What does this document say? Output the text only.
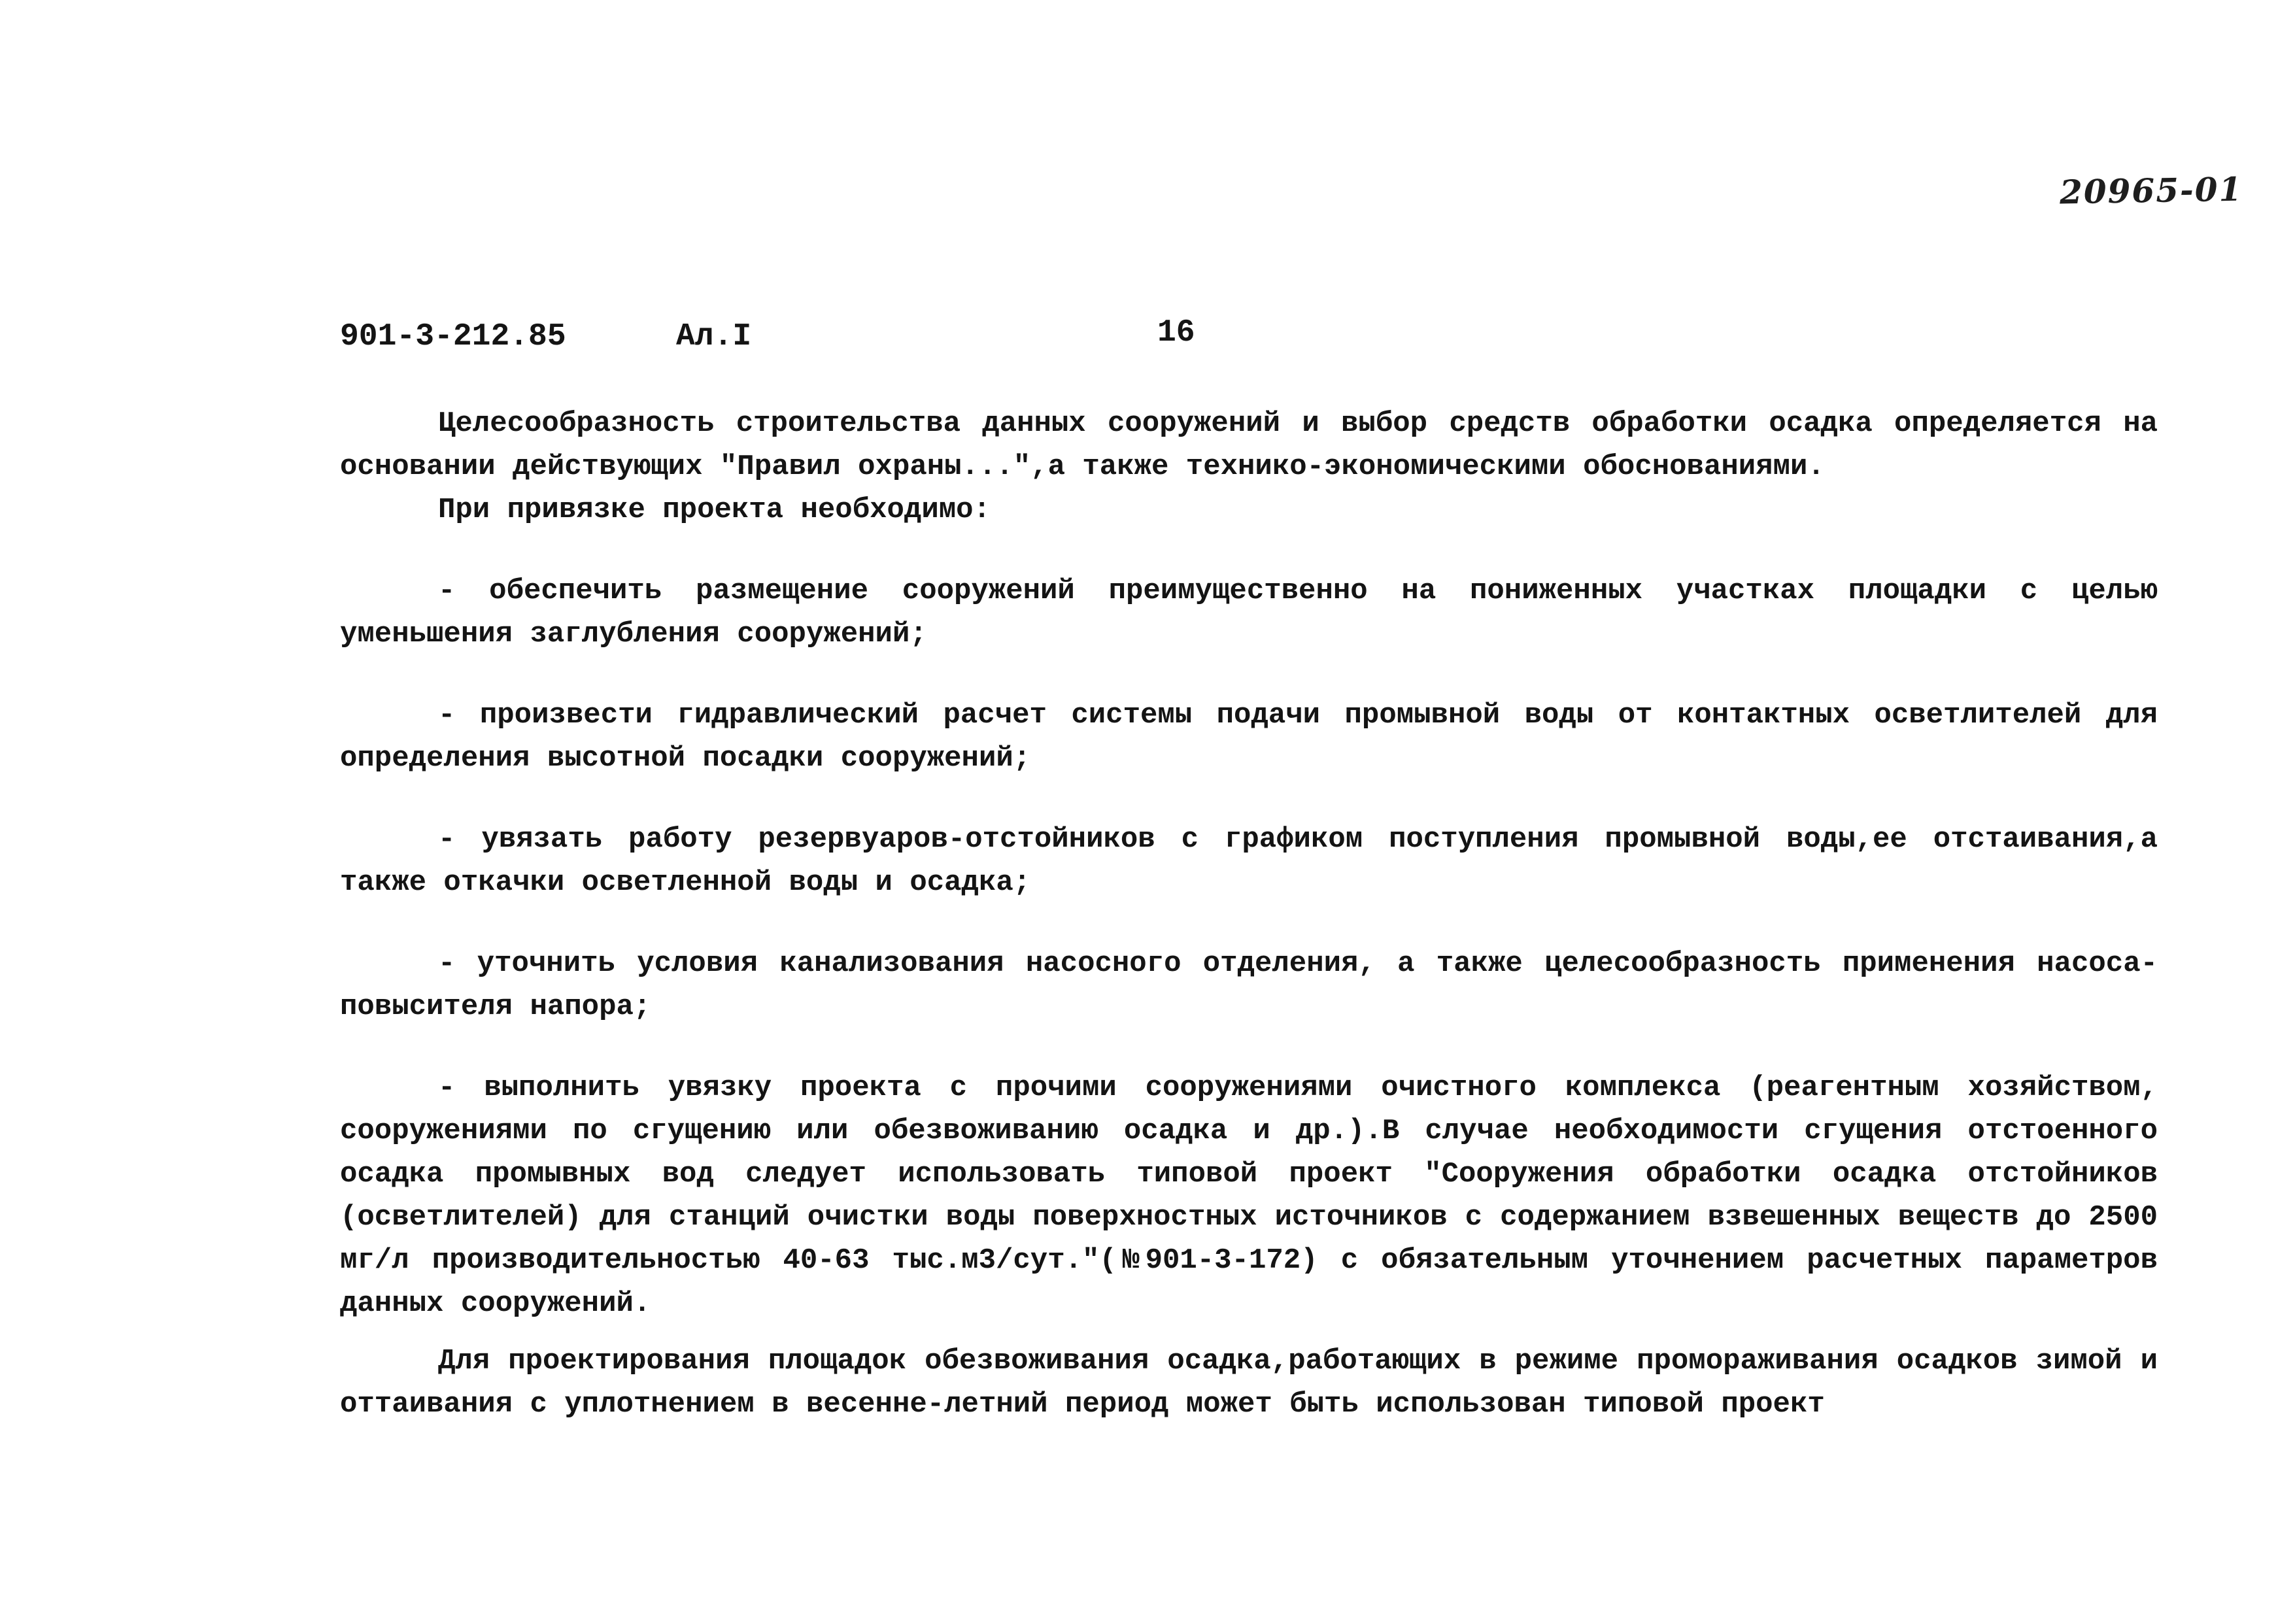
20965-01
901-3-212.85	Ал.I	16

Целесообразность строительства данных сооружений и выбор средств обработки осадка определяется на основании действующих "Правил охраны...",а также технико-экономическими обоснованиями.

При привязке проекта необходимо:

- обеспечить размещение сооружений преимущественно на пониженных участках площадки с целью уменьшения заглубления сооружений;

- произвести гидравлический расчет системы подачи промывной воды от контактных осветлителей для определения высотной посадки сооружений;

- увязать работу резервуаров-отстойников с графиком поступления промывной воды,ее отстаивания,а также откачки осветленной воды и осадка;

- уточнить условия канализования насосного отделения, а также целесообразность применения насоса-повысителя напора;

- выполнить увязку проекта с прочими сооружениями очистного комплекса (реагентным хозяйством, сооружениями по сгущению или обезвоживанию осадка и др.).В случае необходимости сгущения отстоенного осадка промывных вод следует использовать типовой проект "Сооружения обработки осадка отстойников (осветлителей) для станций очистки воды поверхностных источников с содержанием взвешенных веществ до 2500 мг/л производительностью 40-63 тыс.м3/сут."(№901-3-172) с обязательным уточнением расчетных параметров данных сооружений.

Для проектирования площадок обезвоживания осадка,работающих в режиме промораживания осадков зимой и оттаивания с уплотнением в весенне-летний период может быть использован типовой проект
